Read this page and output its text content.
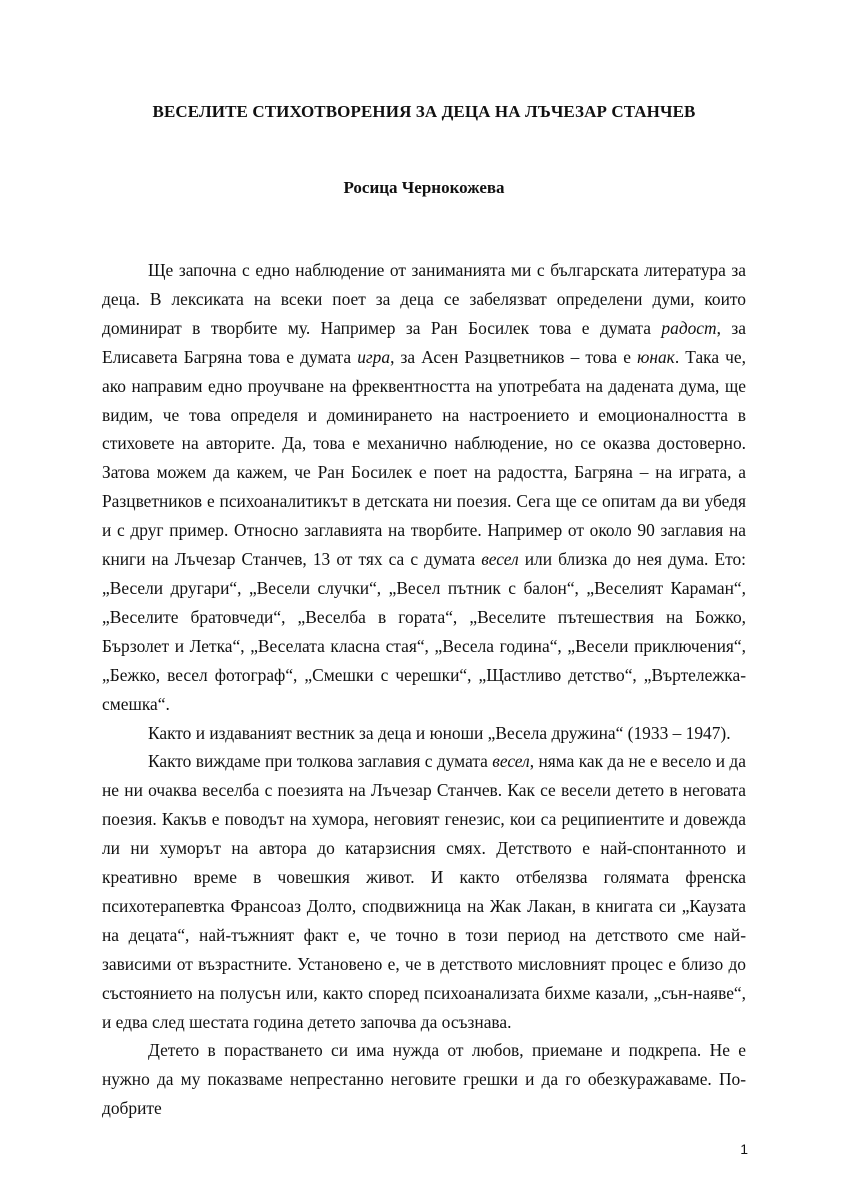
ВЕСЕЛИТЕ СТИХОТВОРЕНИЯ ЗА ДЕЦА НА ЛЪЧЕЗАР СТАНЧЕВ
Росица Чернокожева

Ще започна с едно наблюдение от заниманията ми с българската литература за деца. В лексиката на всеки поет за деца се забелязват определени думи, които доминират в творбите му. Например за Ран Босилек това е думата радост, за Елисавета Багряна това е думата игра, за Асен Разцветников – това е юнак. Така че, ако направим едно проучване на фреквентността на употребата на дадената дума, ще видим, че това определя и доминирането на настроението и емоционалността в стиховете на авторите. Да, това е механично наблюдение, но се оказва достоверно. Затова можем да кажем, че Ран Босилек е поет на радостта, Багряна – на играта, а Разцветников е психоаналитикът в детската ни поезия. Сега ще се опитам да ви убедя и с друг пример. Относно заглавията на творбите. Например от около 90 заглавия на книги на Лъчезар Станчев, 13 от тях са с думата весел или близка до нея дума. Ето: „Весели другари“, „Весели случки“, „Весел пътник с балон“, „Веселият Караман“, „Веселите братовчеди“, „Веселба в гората“, „Веселите пътешествия на Божко, Бързолет и Летка“, „Веселата класна стая“, „Весела година“, „Весели приключения“, „Бежко, весел фотограф“, „Смешки с черешки“, „Щастливо детство“, „Въртележка-смешка“.

Както и издаваният вестник за деца и юноши „Весела дружина“ (1933 – 1947).

Както виждаме при толкова заглавия с думата весел, няма как да не е весело и да не ни очаква веселба с поезията на Лъчезар Станчев. Как се весели детето в неговата поезия. Какъв е поводът на хумора, неговият генезис, кои са реципиентите и довежда ли ни хуморът на автора до катарзисния смях. Детството е най-спонтанното и креативно време в човешкия живот. И както отбелязва голямата френска психотерапевтка Франсоаз Долто, сподвижница на Жак Лакан, в книгата си „Каузата на децата“, най-тъжният факт е, че точно в този период на детството сме най-зависими от възрастните. Установено е, че в детството мисловният процес е близо до състоянието на полусън или, както според психоанализата бихме казали, „сън-наяве“, и едва след шестата година детето започва да осъзнава.

Детето в порастването си има нужда от любов, приемане и подкрепа. Не е нужно да му показваме непрестанно неговите грешки и да го обезкуражаваме. По-добрите

1
